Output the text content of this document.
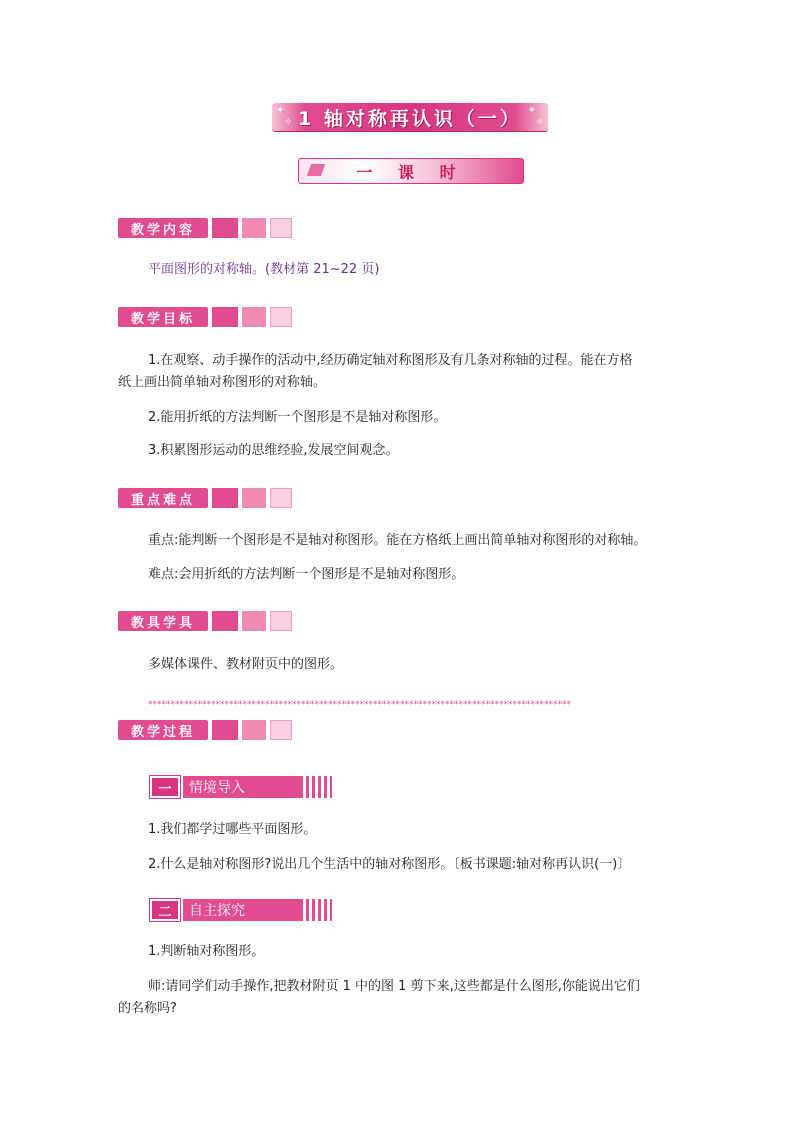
✦
✧ 1 轴对称再认识（一） ✦
✧
一 课 时
教学内容
平面图形的对称轴。(教材第 21~22 页)
教学目标
1.在观察、动手操作的活动中,经历确定轴对称图形及有几条对称轴的过程。能在方格
纸上画出简单轴对称图形的对称轴。
2.能用折纸的方法判断一个图形是不是轴对称图形。
3.积累图形运动的思维经验,发展空间观念。
重点难点
重点:能判断一个图形是不是轴对称图形。能在方格纸上画出简单轴对称图形的对称轴。
难点:会用折纸的方法判断一个图形是不是轴对称图形。
教具学具
多媒体课件、教材附页中的图形。
**********************************************************************************************
教学过程
一	情境导入
1.我们都学过哪些平面图形。
2.什么是轴对称图形?说出几个生活中的轴对称图形。〔板书课题:轴对称再认识(一)〕
二	自主探究
1.判断轴对称图形。
师:请同学们动手操作,把教材附页 1 中的图 1 剪下来,这些都是什么图形,你能说出它们
的名称吗?
